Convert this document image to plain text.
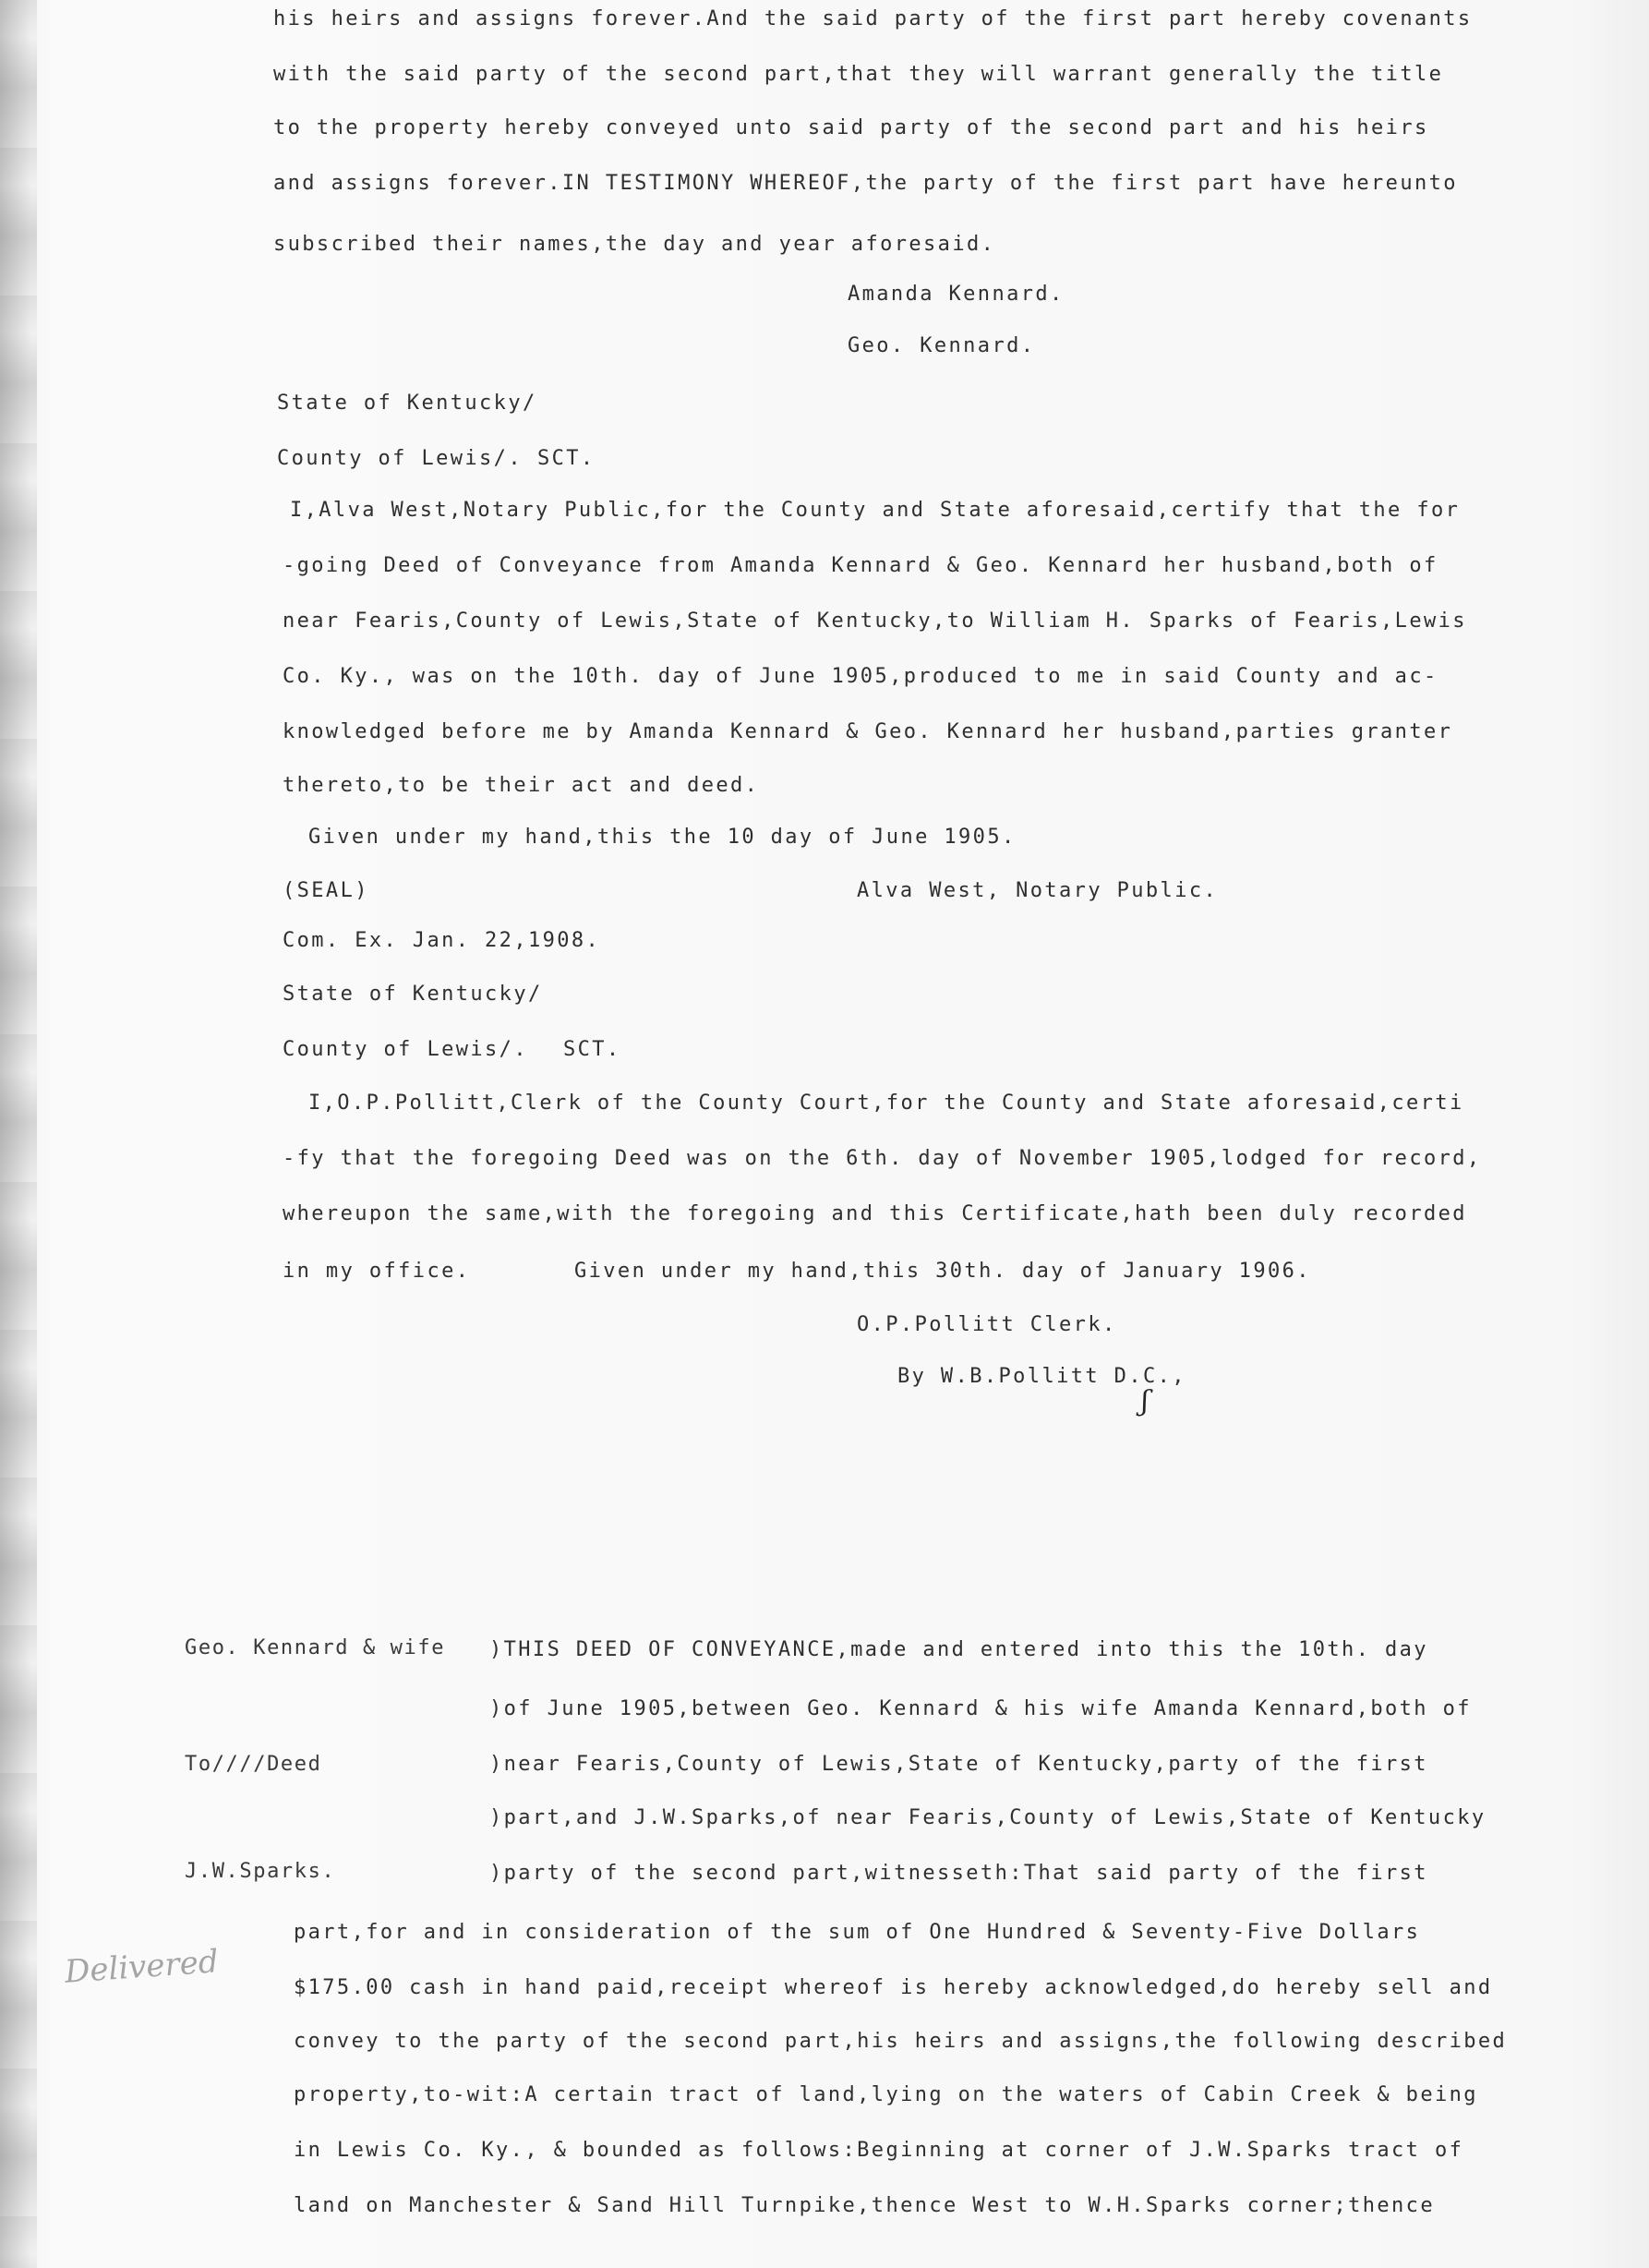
his heirs and assigns forever.And the said party of the first part hereby covenants
with the said party of the second part,that they will warrant generally the title
to the property hereby conveyed unto said party of the second part and his heirs
and assigns forever.IN TESTIMONY WHEREOF,the party of the first part have hereunto
subscribed their names,the day and year aforesaid.
Amanda Kennard.
Geo. Kennard.
State of Kentucky/
County of Lewis/. SCT.
I,Alva West,Notary Public,for the County and State aforesaid,certify that the for
-going Deed of Conveyance from Amanda Kennard & Geo. Kennard her husband,both of
near Fearis,County of Lewis,State of Kentucky,to William H. Sparks of Fearis,Lewis
Co. Ky., was on the 10th. day of June 1905,produced to me in said County and ac-
knowledged before me by Amanda Kennard & Geo. Kennard her husband,parties granter
thereto,to be their act and deed.
Given under my hand,this the 10 day of June 1905.
(SEAL)	Alva West, Notary Public.
Com. Ex. Jan. 22,1908.
State of Kentucky/
County of Lewis/. SCT.
I,O.P.Pollitt,Clerk of the County Court,for the County and State aforesaid,certi
-fy that the foregoing Deed was on the 6th. day of November 1905,lodged for record,
whereupon the same,with the foregoing and this Certificate,hath been duly recorded
in my office.	Given under my hand,this 30th. day of January 1906.
O.P.Pollitt Clerk.
By W.B.Pollitt D.C.,
ʃ
Geo. Kennard & wife
To////Deed
J.W.Sparks.
)THIS DEED OF CONVEYANCE,made and entered into this the 10th. day
)of June 1905,between Geo. Kennard & his wife Amanda Kennard,both of
)near Fearis,County of Lewis,State of Kentucky,party of the first
)part,and J.W.Sparks,of near Fearis,County of Lewis,State of Kentucky
)party of the second part,witnesseth:That said party of the first
part,for and in consideration of the sum of One Hundred & Seventy-Five Dollars
$175.00 cash in hand paid,receipt whereof is hereby acknowledged,do hereby sell and
convey to the party of the second part,his heirs and assigns,the following described
property,to-wit:A certain tract of land,lying on the waters of Cabin Creek & being
in Lewis Co. Ky., & bounded as follows:Beginning at corner of J.W.Sparks tract of
land on Manchester & Sand Hill Turnpike,thence West to W.H.Sparks corner;thence
Delivered
